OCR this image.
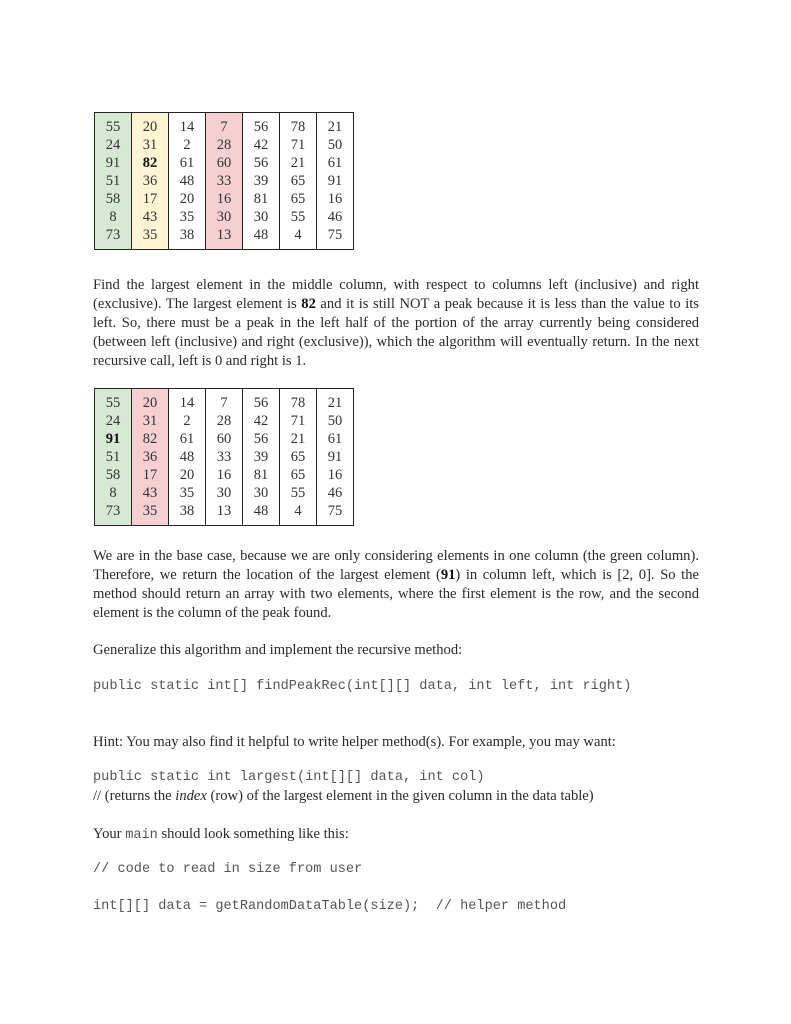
55	20	14	7	56	78	21
24	31	2	28	42	71	50
91	82	61	60	56	21	61
51	36	48	33	39	65	91
58	17	20	16	81	65	16
8	43	35	30	30	55	46
73	35	38	13	48	4	75
Find the largest element in the middle column, with respect to columns left (inclusive) and right (exclusive). The largest element is 82 and it is still NOT a peak because it is less than the value to its left. So, there must be a peak in the left half of the portion of the array currently being considered (between left (inclusive) and right (exclusive)), which the algorithm will eventually return. In the next recursive call, left is 0 and right is 1.
55	20	14	7	56	78	21
24	31	2	28	42	71	50
91	82	61	60	56	21	61
51	36	48	33	39	65	91
58	17	20	16	81	65	16
8	43	35	30	30	55	46
73	35	38	13	48	4	75
We are in the base case, because we are only considering elements in one column (the green column). Therefore, we return the location of the largest element (91) in column left, which is [2, 0]. So the method should return an array with two elements, where the first element is the row, and the second element is the column of the peak found.
Generalize this algorithm and implement the recursive method:
public static int[] findPeakRec(int[][] data, int left, int right)
Hint: You may also find it helpful to write helper method(s). For example, you may want:
public static int largest(int[][] data, int col)
// (returns the index (row) of the largest element in the given column in the data table)
Your main should look something like this:
// code to read in size from user
int[][] data = getRandomDataTable(size);  // helper method
